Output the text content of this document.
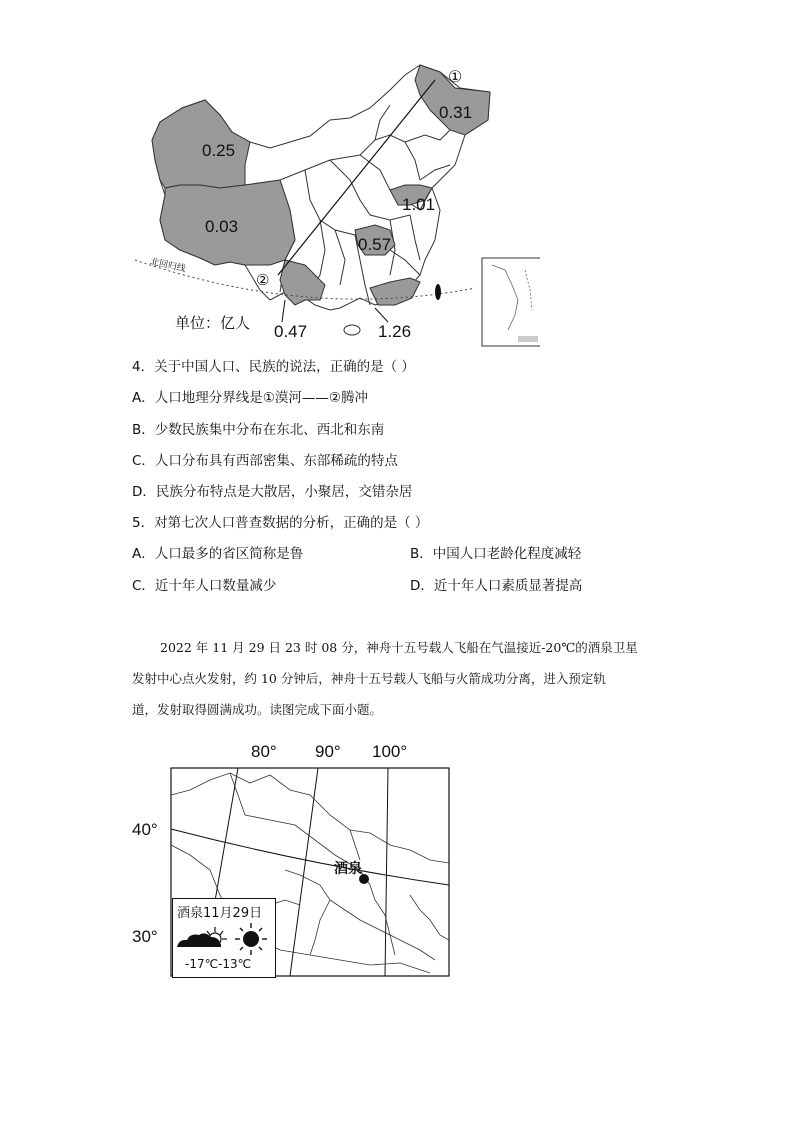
0.31
0.25
0.03
1.01
0.57
0.47	1.26
①
②
北回归线
单位：亿人
4．关于中国人口、民族的说法，正确的是（ ）
A．人口地理分界线是①漠河——②腾冲
B．少数民族集中分布在东北、西北和东南
C．人口分布具有西部密集、东部稀疏的特点
D．民族分布特点是大散居，小聚居，交错杂居
5．对第七次人口普查数据的分析，正确的是（ ）
A．人口最多的省区简称是鲁	B．中国人口老龄化程度减轻
C．近十年人口数量减少	D．近十年人口素质显著提高

2022 年 11 月 29 日 23 时 08 分，神舟十五号载人飞船在气温接近-20℃的酒泉卫星

发射中心点火发射，约 10 分钟后，神舟十五号载人飞船与火箭成功分离，进入预定轨

道，发射取得圆满成功。读图完成下面小题。

80° 90° 100°
40°
30°
酒泉
酒泉11月29日
-17℃-13℃
